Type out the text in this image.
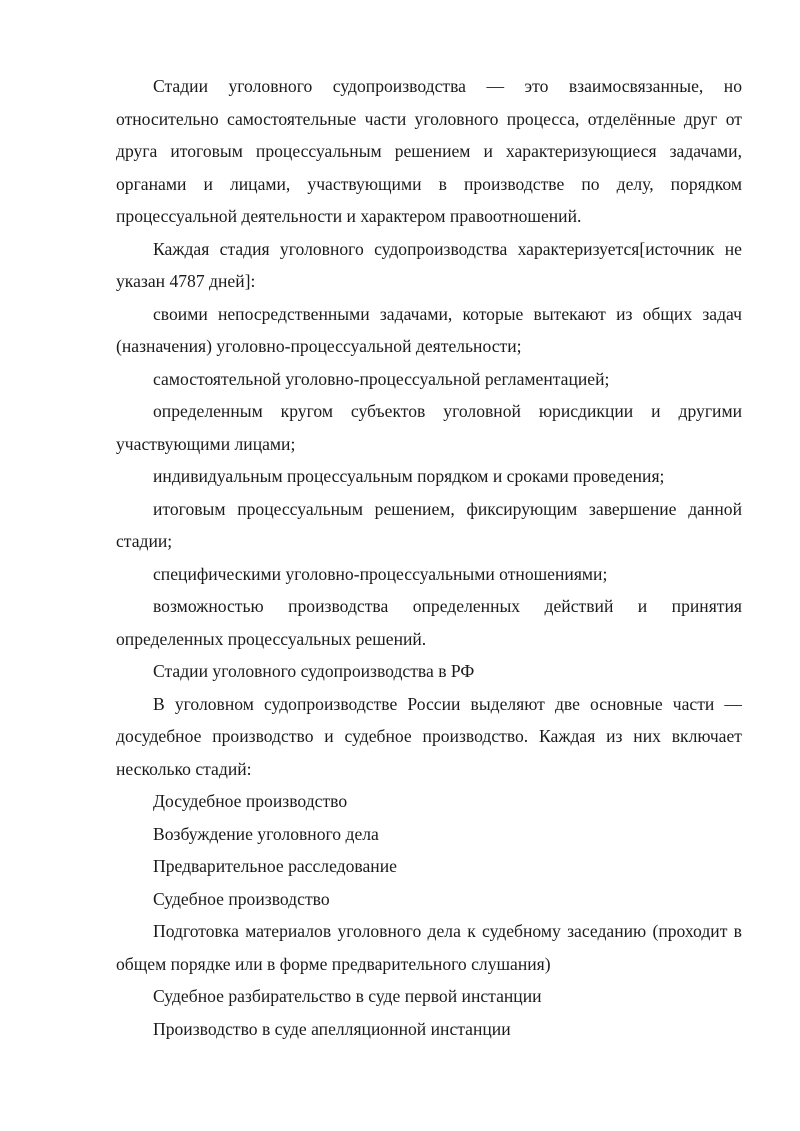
Стадии уголовного судопроизводства — это взаимосвязанные, но относительно самостоятельные части уголовного процесса, отделённые друг от друга итоговым процессуальным решением и характеризующиеся задачами, органами и лицами, участвующими в производстве по делу, порядком процессуальной деятельности и характером правоотношений.

Каждая стадия уголовного судопроизводства характеризуется[источник не указан 4787 дней]:

своими непосредственными задачами, которые вытекают из общих задач (назначения) уголовно-процессуальной деятельности;

самостоятельной уголовно-процессуальной регламентацией;

определенным кругом субъектов уголовной юрисдикции и другими участвующими лицами;

индивидуальным процессуальным порядком и сроками проведения;

итоговым процессуальным решением, фиксирующим завершение данной стадии;

специфическими уголовно-процессуальными отношениями;

возможностью производства определенных действий и принятия определенных процессуальных решений.

Стадии уголовного судопроизводства в РФ

В уголовном судопроизводстве России выделяют две основные части — досудебное производство и судебное производство. Каждая из них включает несколько стадий:

Досудебное производство

Возбуждение уголовного дела

Предварительное расследование

Судебное производство

Подготовка материалов уголовного дела к судебному заседанию (проходит в общем порядке или в форме предварительного слушания)

Судебное разбирательство в суде первой инстанции

Производство в суде апелляционной инстанции
